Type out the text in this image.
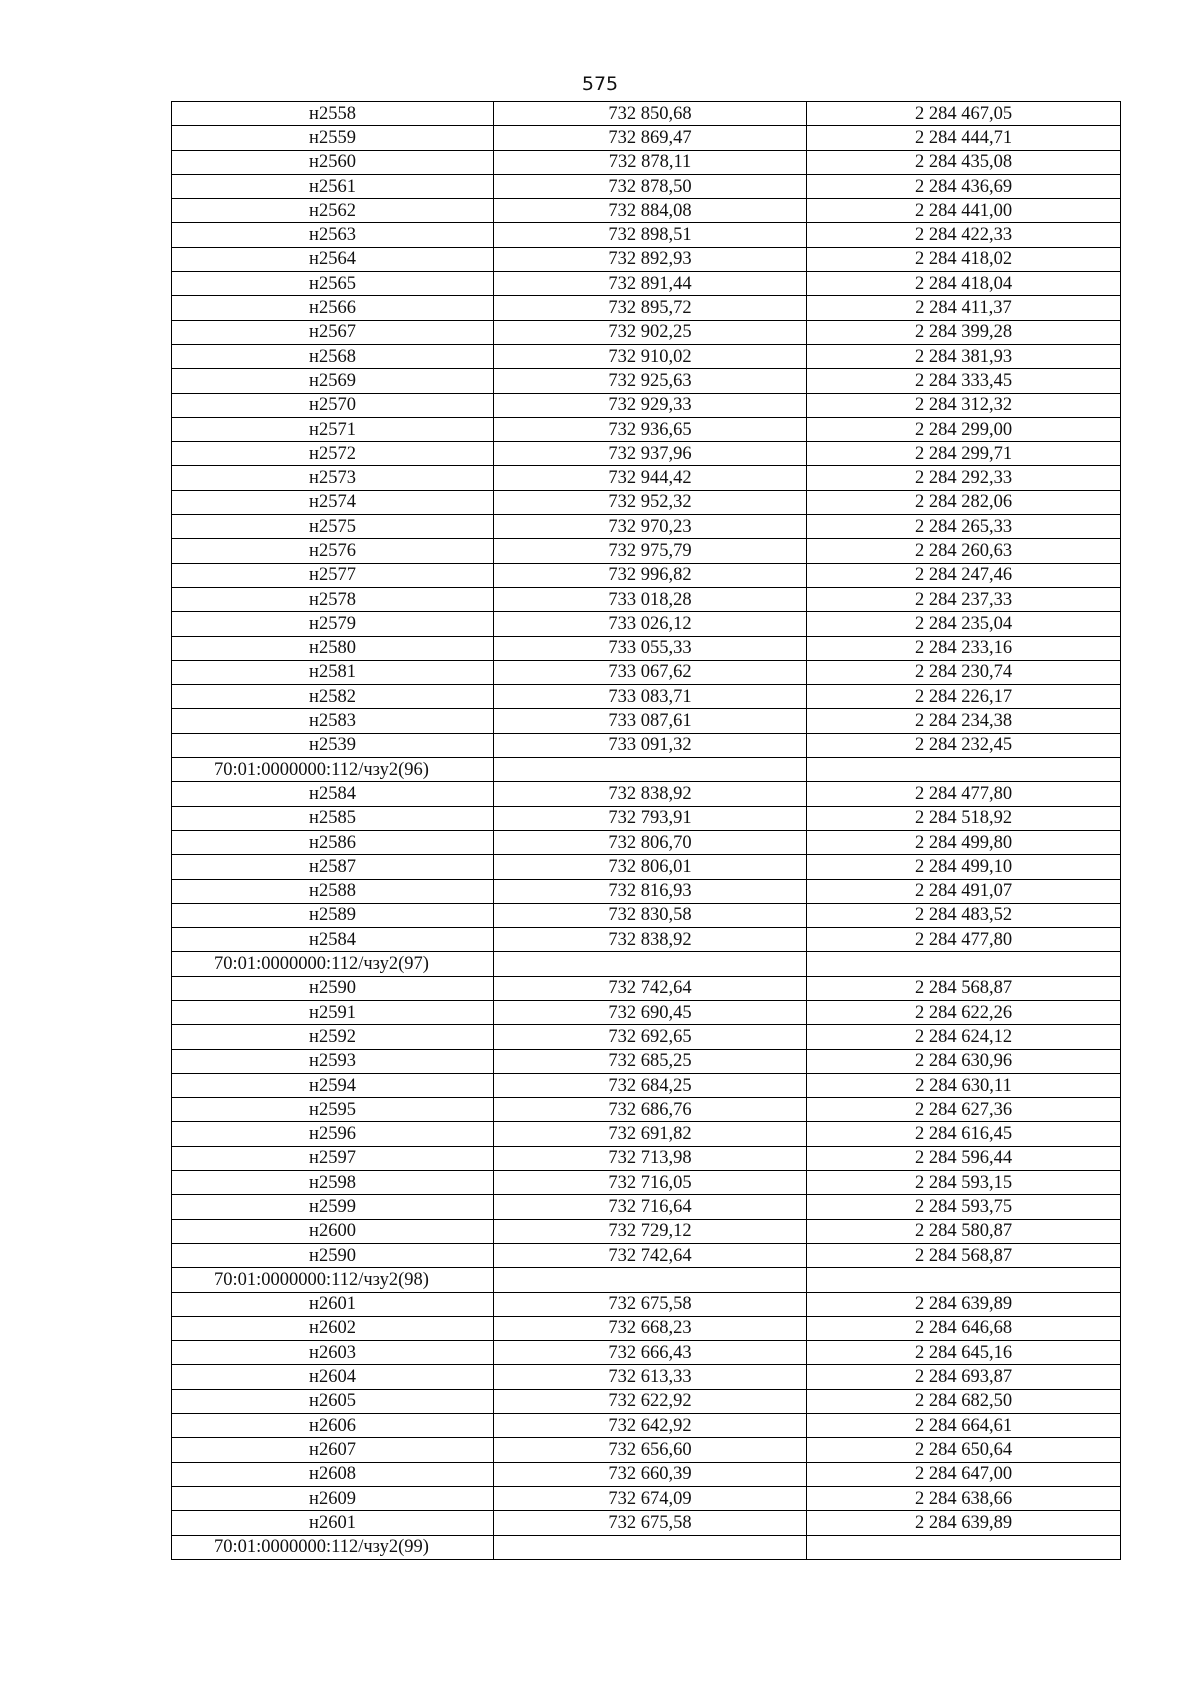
575
н2558	732 850,68	2 284 467,05
н2559	732 869,47	2 284 444,71
н2560	732 878,11	2 284 435,08
н2561	732 878,50	2 284 436,69
н2562	732 884,08	2 284 441,00
н2563	732 898,51	2 284 422,33
н2564	732 892,93	2 284 418,02
н2565	732 891,44	2 284 418,04
н2566	732 895,72	2 284 411,37
н2567	732 902,25	2 284 399,28
н2568	732 910,02	2 284 381,93
н2569	732 925,63	2 284 333,45
н2570	732 929,33	2 284 312,32
н2571	732 936,65	2 284 299,00
н2572	732 937,96	2 284 299,71
н2573	732 944,42	2 284 292,33
н2574	732 952,32	2 284 282,06
н2575	732 970,23	2 284 265,33
н2576	732 975,79	2 284 260,63
н2577	732 996,82	2 284 247,46
н2578	733 018,28	2 284 237,33
н2579	733 026,12	2 284 235,04
н2580	733 055,33	2 284 233,16
н2581	733 067,62	2 284 230,74
н2582	733 083,71	2 284 226,17
н2583	733 087,61	2 284 234,38
н2539	733 091,32	2 284 232,45
70:01:0000000:112/чзу2(96)		
н2584	732 838,92	2 284 477,80
н2585	732 793,91	2 284 518,92
н2586	732 806,70	2 284 499,80
н2587	732 806,01	2 284 499,10
н2588	732 816,93	2 284 491,07
н2589	732 830,58	2 284 483,52
н2584	732 838,92	2 284 477,80
70:01:0000000:112/чзу2(97)		
н2590	732 742,64	2 284 568,87
н2591	732 690,45	2 284 622,26
н2592	732 692,65	2 284 624,12
н2593	732 685,25	2 284 630,96
н2594	732 684,25	2 284 630,11
н2595	732 686,76	2 284 627,36
н2596	732 691,82	2 284 616,45
н2597	732 713,98	2 284 596,44
н2598	732 716,05	2 284 593,15
н2599	732 716,64	2 284 593,75
н2600	732 729,12	2 284 580,87
н2590	732 742,64	2 284 568,87
70:01:0000000:112/чзу2(98)		
н2601	732 675,58	2 284 639,89
н2602	732 668,23	2 284 646,68
н2603	732 666,43	2 284 645,16
н2604	732 613,33	2 284 693,87
н2605	732 622,92	2 284 682,50
н2606	732 642,92	2 284 664,61
н2607	732 656,60	2 284 650,64
н2608	732 660,39	2 284 647,00
н2609	732 674,09	2 284 638,66
н2601	732 675,58	2 284 639,89
70:01:0000000:112/чзу2(99)		
